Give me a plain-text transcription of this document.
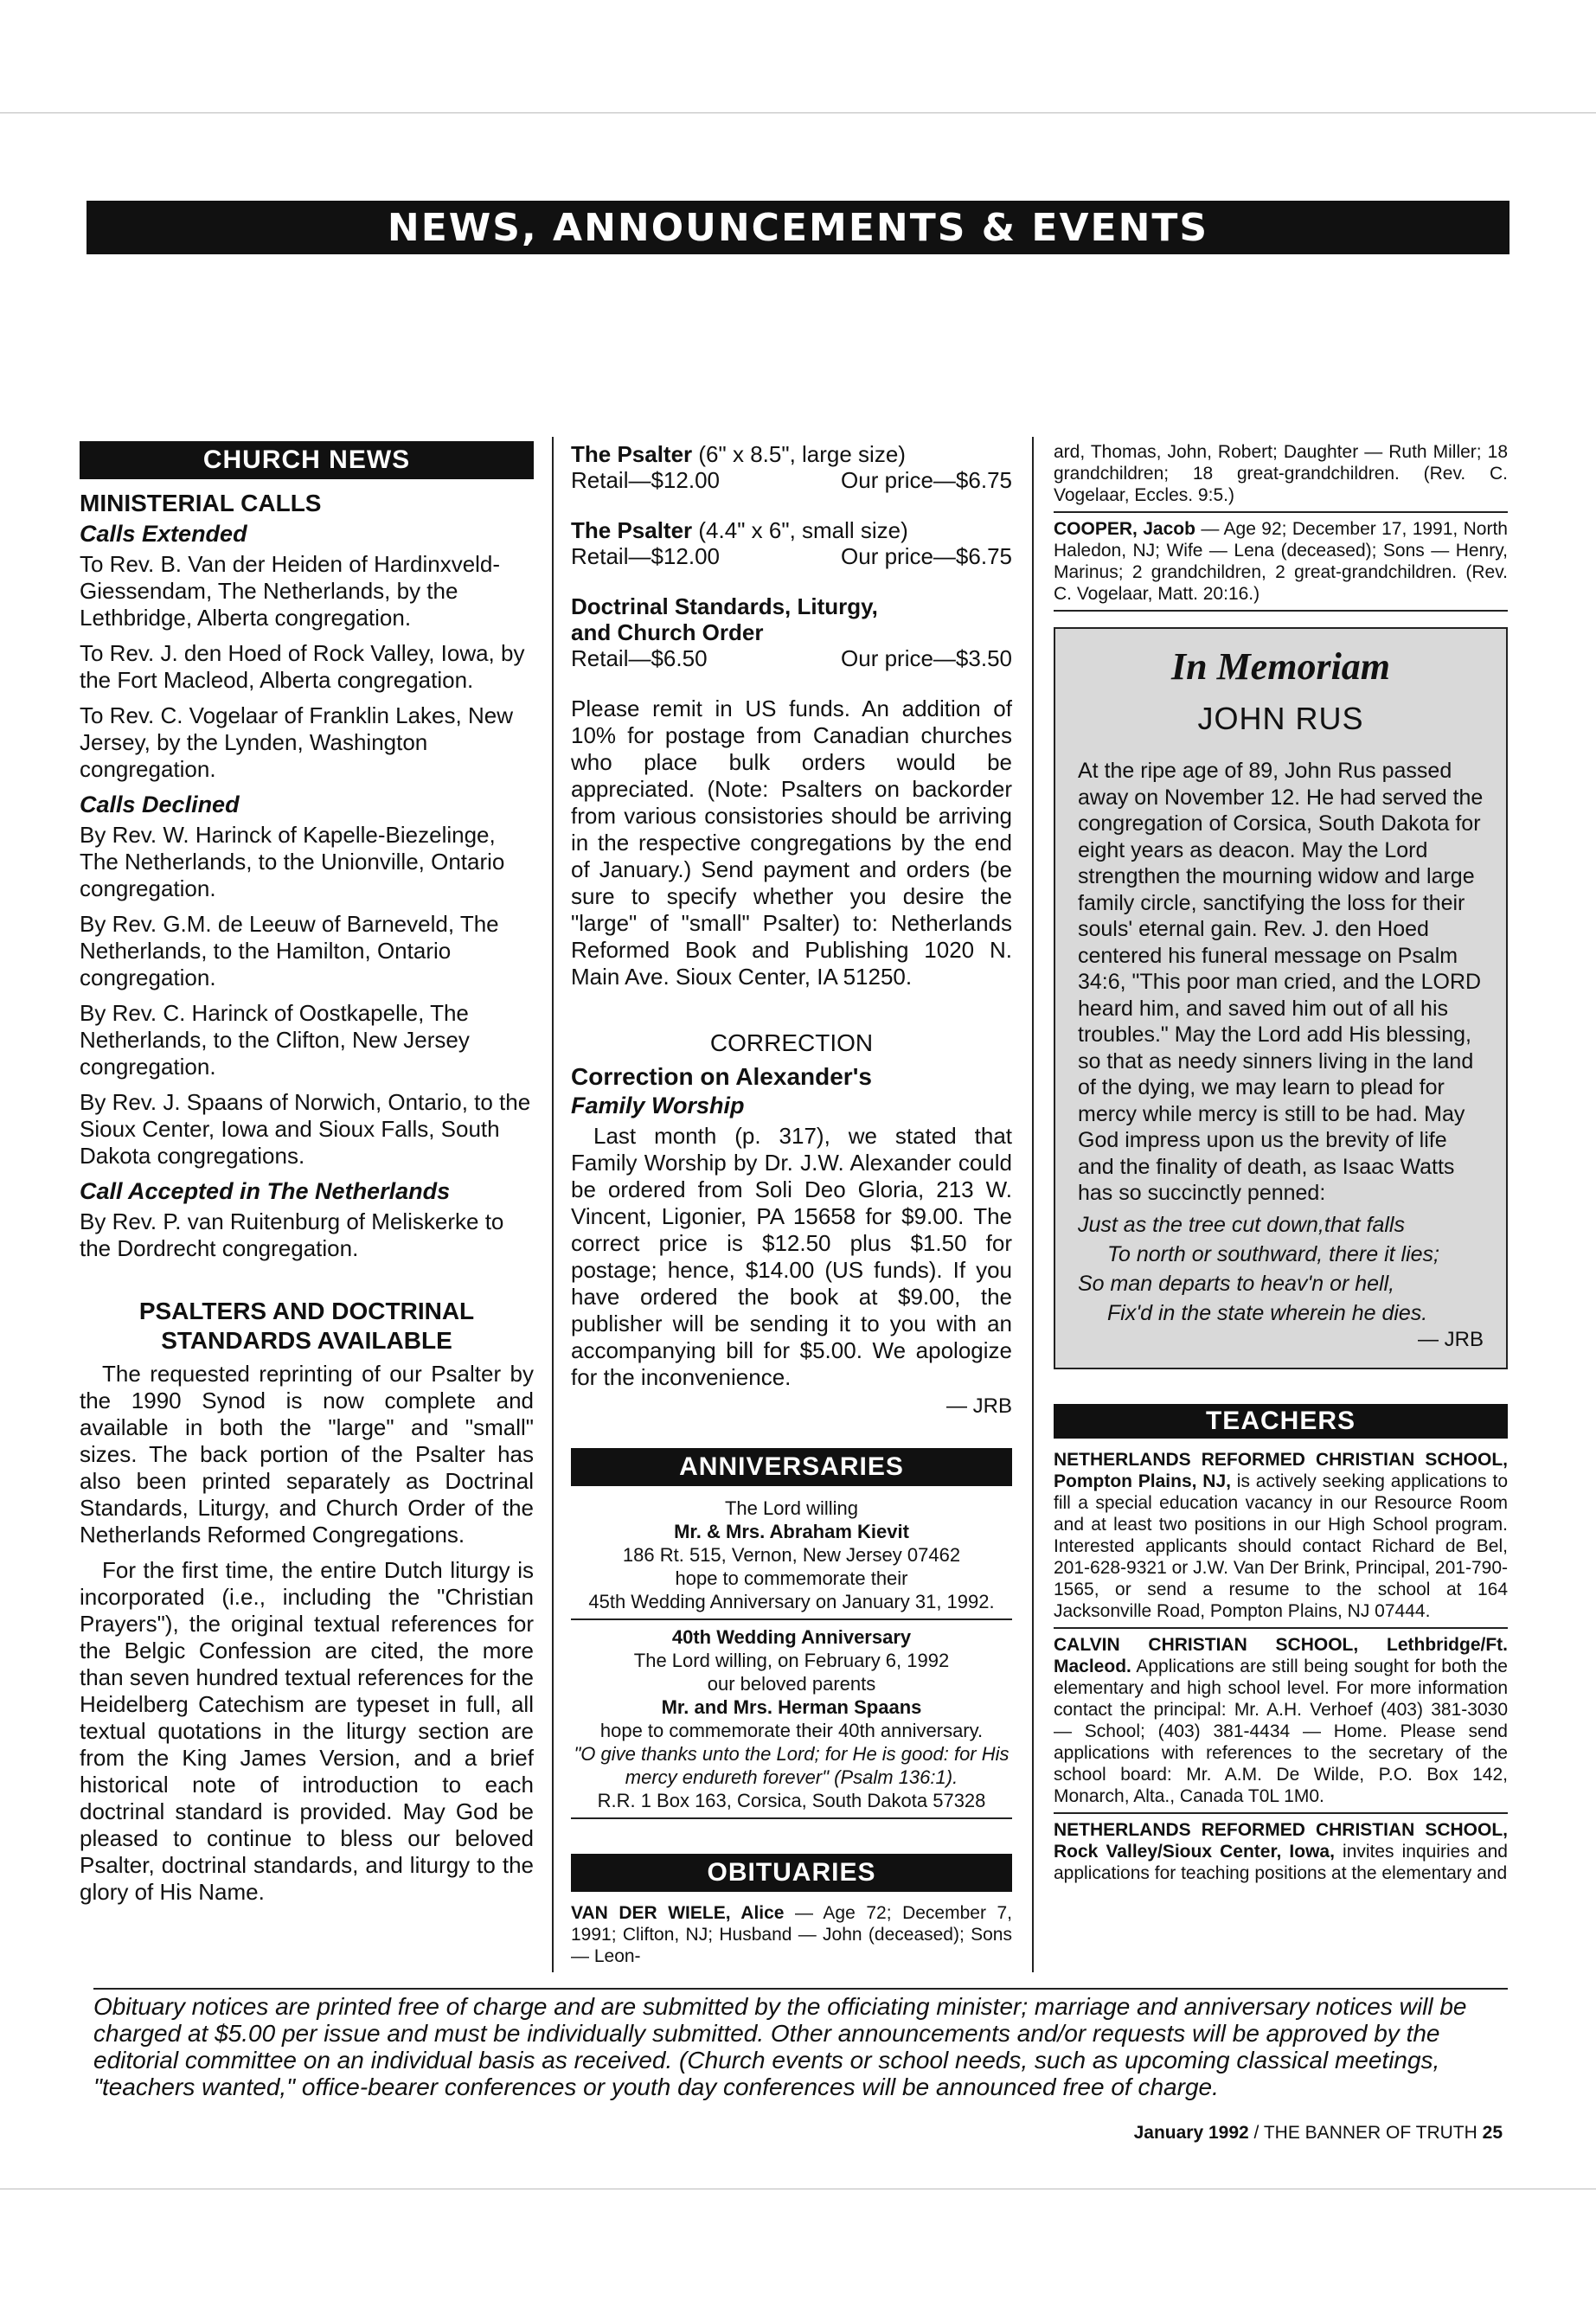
NEWS, ANNOUNCEMENTS & EVENTS
CHURCH NEWS
MINISTERIAL CALLS
Calls Extended

To Rev. B. Van der Heiden of Hardinxveld-Giessendam, The Netherlands, by the Lethbridge, Alberta congregation.

To Rev. J. den Hoed of Rock Valley, Iowa, by the Fort Macleod, Alberta congregation.

To Rev. C. Vogelaar of Franklin Lakes, New Jersey, by the Lynden, Washington congregation.

Calls Declined

By Rev. W. Harinck of Kapelle-Biezelinge, The Netherlands, to the Unionville, Ontario congregation.

By Rev. G.M. de Leeuw of Barneveld, The Netherlands, to the Hamilton, Ontario congregation.

By Rev. C. Harinck of Oostkapelle, The Netherlands, to the Clifton, New Jersey congregation.

By Rev. J. Spaans of Norwich, Ontario, to the Sioux Center, Iowa and Sioux Falls, South Dakota congregations.

Call Accepted in The Netherlands

By Rev. P. van Ruitenburg of Meliskerke to the Dordrecht congregation.

PSALTERS AND DOCTRINAL
STANDARDS AVAILABLE

The requested reprinting of our Psalter by the 1990 Synod is now complete and available in both the "large" and "small" sizes. The back portion of the Psalter has also been printed separately as Doctrinal Standards, Liturgy, and Church Order of the Netherlands Reformed Congregations.

For the first time, the entire Dutch liturgy is incorporated (i.e., including the "Christian Prayers"), the original textual references for the Belgic Confession are cited, the more than seven hundred textual references for the Heidelberg Catechism are typeset in full, all textual quotations in the liturgy section are from the King James Version, and a brief historical note of introduction to each doctrinal standard is provided. May God be pleased to continue to bless our beloved Psalter, doctrinal standards, and liturgy to the glory of His Name.

The Psalter (6" x 8.5", large size)
Retail—$12.00	Our price—$6.75
The Psalter (4.4" x 6", small size)
Retail—$12.00	Our price—$6.75
Doctrinal Standards, Liturgy,
and Church Order
Retail—$6.50	Our price—$3.50

Please remit in US funds. An addition of 10% for postage from Canadian churches who place bulk orders would be appreciated. (Note: Psalters on backorder from various consistories should be arriving in the respective congregations by the end of January.) Send payment and orders (be sure to specify whether you desire the "large" of "small" Psalter) to: Netherlands Reformed Book and Publishing 1020 N. Main Ave. Sioux Center, IA 51250.

CORRECTION
Correction on Alexander's
Family Worship

Last month (p. 317), we stated that Family Worship by Dr. J.W. Alexander could be ordered from Soli Deo Gloria, 213 W. Vincent, Ligonier, PA 15658 for $9.00. The correct price is $12.50 plus $1.50 for postage; hence, $14.00 (US funds). If you have ordered the book at $9.00, the publisher will be sending it to you with an accompanying bill for $5.00. We apologize for the inconvenience.

— JRB
ANNIVERSARIES
The Lord willing
Mr. & Mrs. Abraham Kievit
186 Rt. 515, Vernon, New Jersey 07462
hope to commemorate their
45th Wedding Anniversary on January 31, 1992.
40th Wedding Anniversary
The Lord willing, on February 6, 1992
our beloved parents
Mr. and Mrs. Herman Spaans
hope to commemorate their 40th anniversary.
"O give thanks unto the Lord; for He is good: for His mercy endureth forever" (Psalm 136:1).
R.R. 1 Box 163, Corsica, South Dakota 57328
OBITUARIES

VAN DER WIELE, Alice — Age 72; December 7, 1991; Clifton, NJ; Husband — John (deceased); Sons — Leon-

ard, Thomas, John, Robert; Daughter — Ruth Miller; 18 grandchildren; 18 great-grandchildren. (Rev. C. Vogelaar, Eccles. 9:5.)

COOPER, Jacob — Age 92; December 17, 1991, North Haledon, NJ; Wife — Lena (deceased); Sons — Henry, Marinus; 2 grandchildren, 2 great-grandchildren. (Rev. C. Vogelaar, Matt. 20:16.)

In Memoriam
JOHN RUS

At the ripe age of 89, John Rus passed away on November 12. He had served the congregation of Corsica, South Dakota for eight years as deacon. May the Lord strengthen the mourning widow and large family circle, sanctifying the loss for their souls' eternal gain. Rev. J. den Hoed centered his funeral message on Psalm 34:6, "This poor man cried, and the LORD heard him, and saved him out of all his troubles." May the Lord add His blessing, so that as needy sinners living in the land of the dying, we may learn to plead for mercy while mercy is still to be had. May God impress upon us the brevity of life and the finality of death, as Isaac Watts has so succinctly penned:

Just as the tree cut down,that falls
To north or southward, there it lies;
So man departs to heav'n or hell,
Fix'd in the state wherein he dies.
— JRB
TEACHERS

NETHERLANDS REFORMED CHRISTIAN SCHOOL, Pompton Plains, NJ, is actively seeking applications to fill a special education vacancy in our Resource Room and at least two positions in our High School program. Interested applicants should contact Richard de Bel, 201-628-9321 or J.W. Van Der Brink, Principal, 201-790-1565, or send a resume to the school at 164 Jacksonville Road, Pompton Plains, NJ 07444.

CALVIN CHRISTIAN SCHOOL, Lethbridge/Ft. Macleod. Applications are still being sought for both the elementary and high school level. For more information contact the principal: Mr. A.H. Verhoef (403) 381-3030 — School; (403) 381-4434 — Home. Please send applications with references to the secretary of the school board: Mr. A.M. De Wilde, P.O. Box 142, Monarch, Alta., Canada T0L 1M0.

NETHERLANDS REFORMED CHRISTIAN SCHOOL, Rock Valley/Sioux Center, Iowa, invites inquiries and applications for teaching positions at the elementary and

Obituary notices are printed free of charge and are submitted by the officiating minister; marriage and anniversary notices will be charged at $5.00 per issue and must be individually submitted. Other announcements and/or requests will be approved by the editorial committee on an individual basis as received. (Church events or school needs, such as upcoming classical meetings, "teachers wanted," office-bearer conferences or youth day conferences will be announced free of charge.
January 1992 / THE BANNER OF TRUTH 25
